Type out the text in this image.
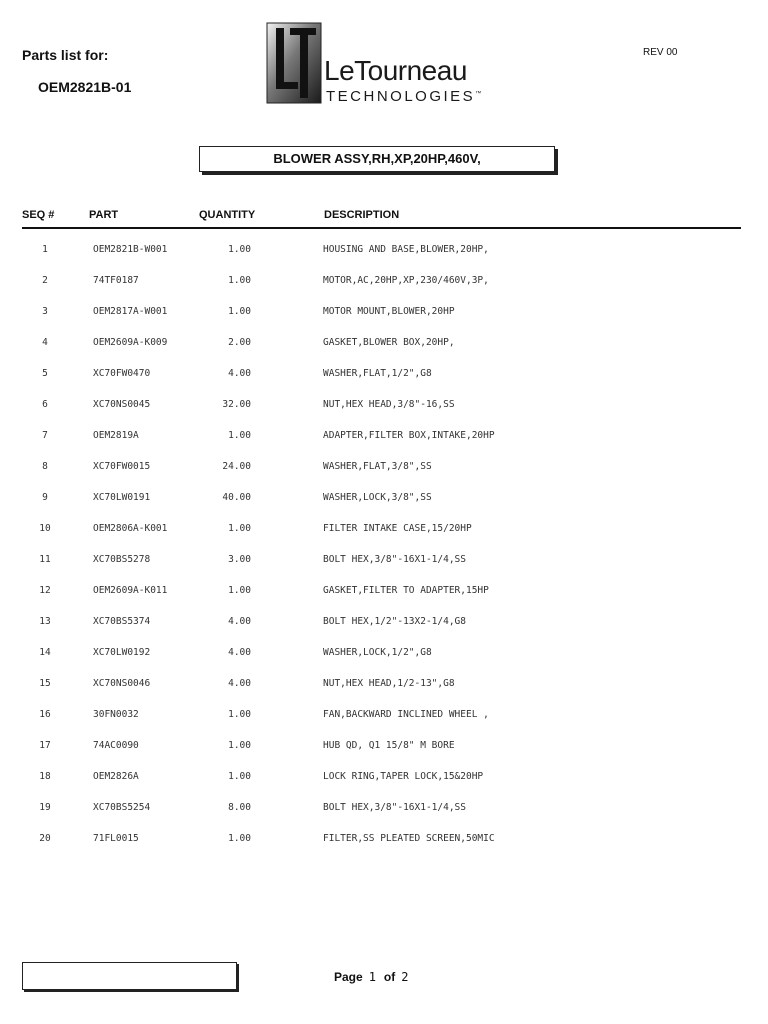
Parts list for:
OEM2821B-01
REV 00
LeTourneau
TECHNOLOGIES™
BLOWER ASSY,RH,XP,20HP,460V,
SEQ #	PART	QUANTITY	DESCRIPTION
1	OEM2821B-W001	1.00	HOUSING AND BASE,BLOWER,20HP,
2	74TF0187	1.00	MOTOR,AC,20HP,XP,230/460V,3P,
3	OEM2817A-W001	1.00	MOTOR MOUNT,BLOWER,20HP
4	OEM2609A-K009	2.00	GASKET,BLOWER BOX,20HP,
5	XC70FW0470	4.00	WASHER,FLAT,1/2",G8
6	XC70NS0045	32.00	NUT,HEX HEAD,3/8"-16,SS
7	OEM2819A	1.00	ADAPTER,FILTER BOX,INTAKE,20HP
8	XC70FW0015	24.00	WASHER,FLAT,3/8",SS
9	XC70LW0191	40.00	WASHER,LOCK,3/8",SS
10	OEM2806A-K001	1.00	FILTER INTAKE CASE,15/20HP
11	XC70BS5278	3.00	BOLT HEX,3/8"-16X1-1/4,SS
12	OEM2609A-K011	1.00	GASKET,FILTER TO ADAPTER,15HP
13	XC70BS5374	4.00	BOLT HEX,1/2"-13X2-1/4,G8
14	XC70LW0192	4.00	WASHER,LOCK,1/2",G8
15	XC70NS0046	4.00	NUT,HEX HEAD,1/2-13",G8
16	30FN0032	1.00	FAN,BACKWARD INCLINED WHEEL ,
17	74AC0090	1.00	HUB QD, Q1 15/8" M BORE
18	OEM2826A	1.00	LOCK RING,TAPER LOCK,15&20HP
19	XC70BS5254	8.00	BOLT HEX,3/8"-16X1-1/4,SS
20	71FL0015	1.00	FILTER,SS PLEATED SCREEN,50MIC
Page 1 of 2
